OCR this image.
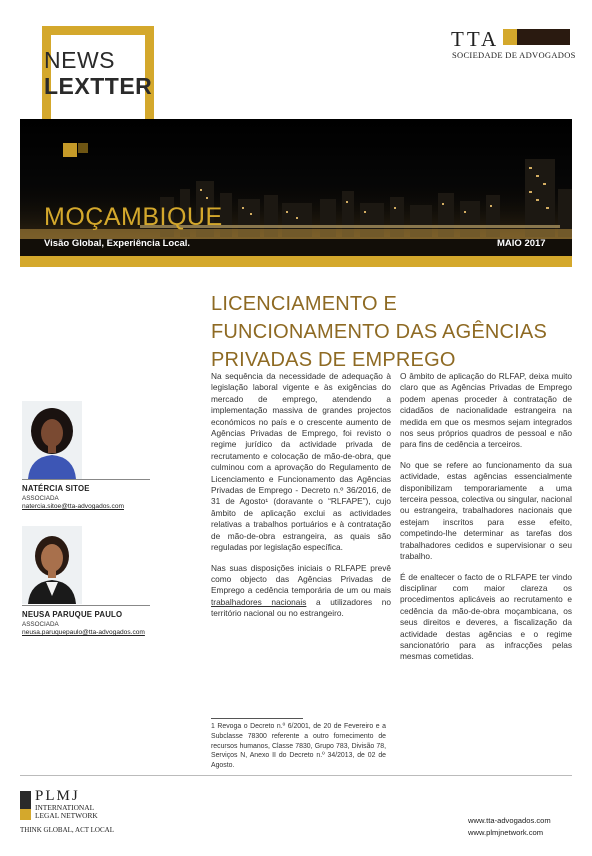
NEWS
LEXTTER
TTA
SOCIEDADE DE ADVOGADOS
MOÇAMBIQUE
Visão Global, Experiência Local.	MAIO 2017
LICENCIAMENTO E
FUNCIONAMENTO DAS AGÊNCIAS
PRIVADAS DE EMPREGO
NATÉRCIA SITOE
ASSOCIADA
natercia.sitoe@tta-advogados.com
NEUSA PARUQUE PAULO
ASSOCIADA
neusa.paruquepaulo@tta-advogados.com

Na sequência da necessidade de adequação à legislação laboral vigente e às exigências do mercado de emprego, atendendo a implementação massiva de grandes projectos económicos no país e o crescente aumento de Agências Privadas de Emprego, foi revisto o regime jurídico da actividade privada de recrutamento e colocação de mão-de-obra, que culminou com a aprovação do Regulamento de Licenciamento e Funcionamento das Agências Privadas de Emprego - Decreto n.º 36/2016, de 31 de Agosto¹ (doravante o “RLFAPE”), cujo âmbito de aplicação exclui as actividades relativas a trabalhos portuários e à contratação de mão-de-obra estrangeira, as quais são reguladas por legislação específica.

Nas suas disposições iniciais o RLFAPE prevê como objecto das Agências Privadas de Emprego a cedência temporária de um ou mais trabalhadores nacionais a utilizadores no território nacional ou no estrangeiro.

O âmbito de aplicação do RLFAP, deixa muito claro que as Agências Privadas de Emprego podem apenas proceder à contratação de cidadãos de nacionalidade estrangeira na medida em que os mesmos sejam integrados nos seus próprios quadros de pessoal e não para fins de cedência a terceiros.

No que se refere ao funcionamento da sua actividade, estas agências essencialmente disponibilizam temporariamente a uma terceira pessoa, colectiva ou singular, nacional ou estrangeira, trabalhadores nacionais que estejam inscritos para esse efeito, competindo-lhe determinar as tarefas dos trabalhadores cedidos e supervisionar o seu trabalho.

É de enaltecer o facto de o RLFAPE ter vindo disciplinar com maior clareza os procedimentos aplicáveis ao recrutamento e cedência da mão-de-obra moçambicana, os seus direitos e deveres, a fiscalização da actividade destas agências e o regime sancionatório para as infracções pelas mesmas cometidas.

1 Revoga o Decreto n.º 6/2001, de 20 de Fevereiro e a Subclasse 78300 referente a outro fornecimento de recursos humanos, Classe 7830, Grupo 783, Divisão 78, Serviços N, Anexo II do Decreto n.º 34/2013, de 02 de Agosto.
PLMJ
INTERNATIONAL
LEGAL NETWORK
THINK GLOBAL, ACT LOCAL
www.tta-advogados.com
www.plmjnetwork.com
